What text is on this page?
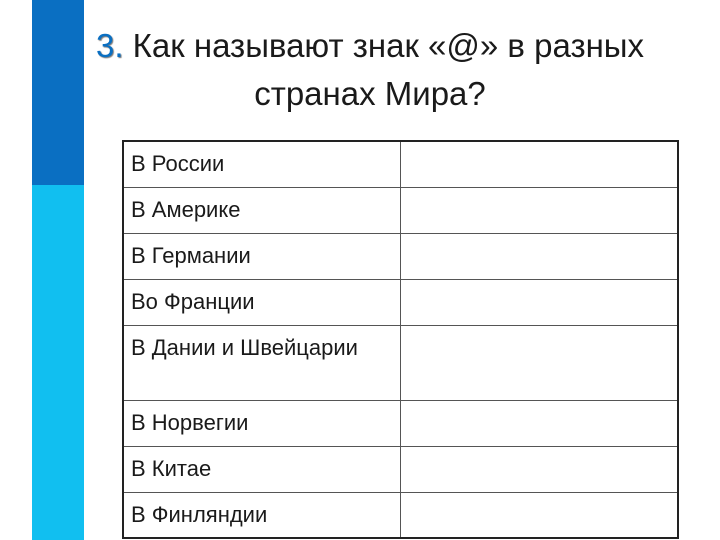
3. Как называют знак «@» в разных
странах Мира?
В России	
В Америке	
В Германии	
Во Франции	
В Дании и Швейцарии	
В Норвегии	
В Китае	
В Финляндии	
